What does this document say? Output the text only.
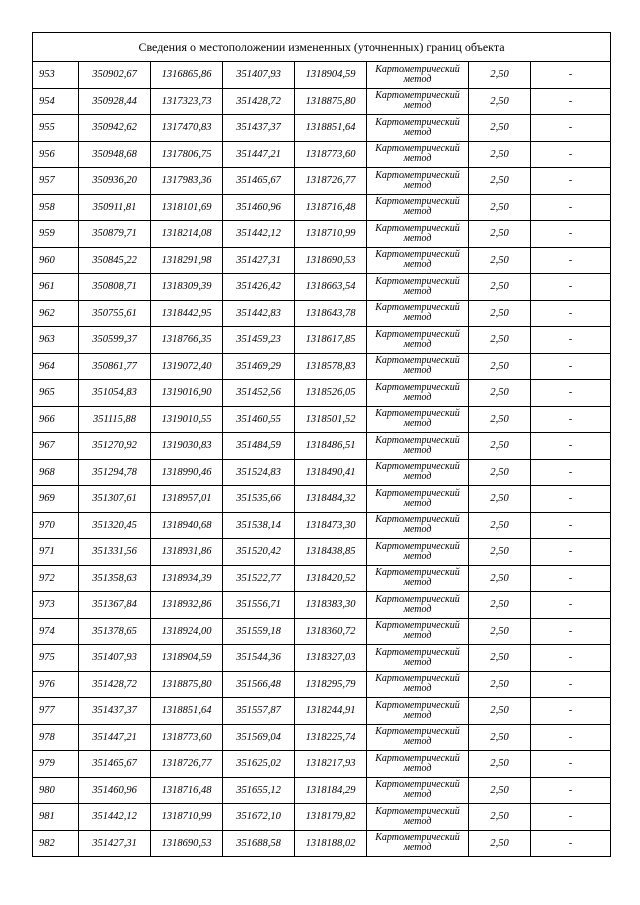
Сведения о местоположении измененных (уточненных) границ объекта							
953	350902,67	1316865,86	351407,93	1318904,59	Картометрический метод	2,50	-
954	350928,44	1317323,73	351428,72	1318875,80	Картометрический метод	2,50	-
955	350942,62	1317470,83	351437,37	1318851,64	Картометрический метод	2,50	-
956	350948,68	1317806,75	351447,21	1318773,60	Картометрический метод	2,50	-
957	350936,20	1317983,36	351465,67	1318726,77	Картометрический метод	2,50	-
958	350911,81	1318101,69	351460,96	1318716,48	Картометрический метод	2,50	-
959	350879,71	1318214,08	351442,12	1318710,99	Картометрический метод	2,50	-
960	350845,22	1318291,98	351427,31	1318690,53	Картометрический метод	2,50	-
961	350808,71	1318309,39	351426,42	1318663,54	Картометрический метод	2,50	-
962	350755,61	1318442,95	351442,83	1318643,78	Картометрический метод	2,50	-
963	350599,37	1318766,35	351459,23	1318617,85	Картометрический метод	2,50	-
964	350861,77	1319072,40	351469,29	1318578,83	Картометрический метод	2,50	-
965	351054,83	1319016,90	351452,56	1318526,05	Картометрический метод	2,50	-
966	351115,88	1319010,55	351460,55	1318501,52	Картометрический метод	2,50	-
967	351270,92	1319030,83	351484,59	1318486,51	Картометрический метод	2,50	-
968	351294,78	1318990,46	351524,83	1318490,41	Картометрический метод	2,50	-
969	351307,61	1318957,01	351535,66	1318484,32	Картометрический метод	2,50	-
970	351320,45	1318940,68	351538,14	1318473,30	Картометрический метод	2,50	-
971	351331,56	1318931,86	351520,42	1318438,85	Картометрический метод	2,50	-
972	351358,63	1318934,39	351522,77	1318420,52	Картометрический метод	2,50	-
973	351367,84	1318932,86	351556,71	1318383,30	Картометрический метод	2,50	-
974	351378,65	1318924,00	351559,18	1318360,72	Картометрический метод	2,50	-
975	351407,93	1318904,59	351544,36	1318327,03	Картометрический метод	2,50	-
976	351428,72	1318875,80	351566,48	1318295,79	Картометрический метод	2,50	-
977	351437,37	1318851,64	351557,87	1318244,91	Картометрический метод	2,50	-
978	351447,21	1318773,60	351569,04	1318225,74	Картометрический метод	2,50	-
979	351465,67	1318726,77	351625,02	1318217,93	Картометрический метод	2,50	-
980	351460,96	1318716,48	351655,12	1318184,29	Картометрический метод	2,50	-
981	351442,12	1318710,99	351672,10	1318179,82	Картометрический метод	2,50	-
982	351427,31	1318690,53	351688,58	1318188,02	Картометрический метод	2,50	-
